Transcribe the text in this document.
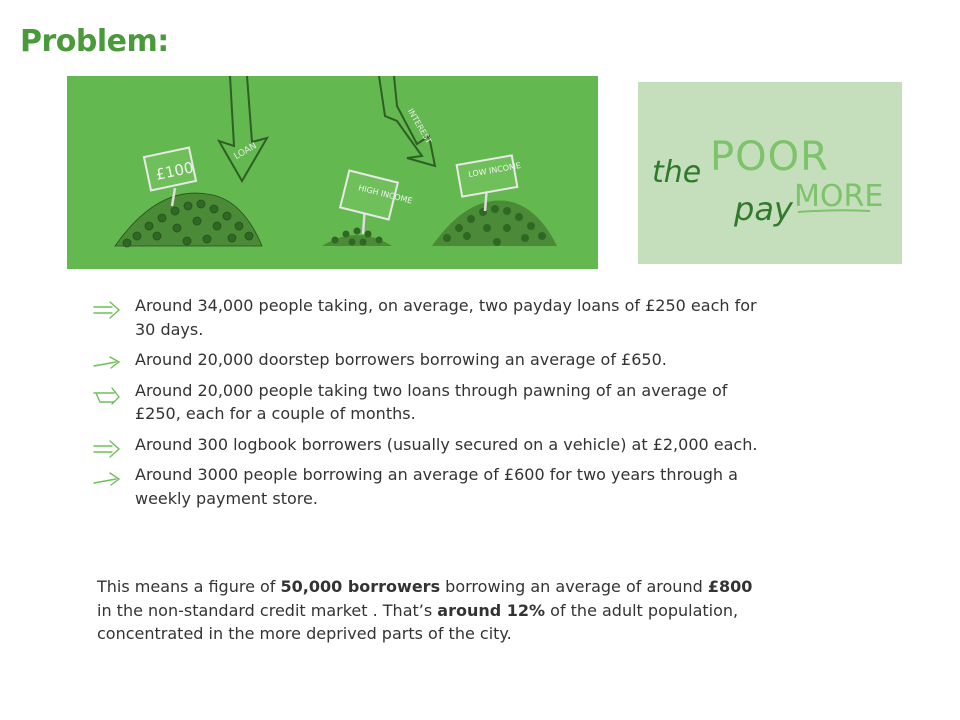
Problem:
£100
LOAN
HIGH INCOME
INTEREST
LOW INCOME	the POOR
pay MORE
Around 34,000 people taking, on average, two payday loans of £250 each for 30 days.
Around 20,000 doorstep borrowers borrowing an average of £650.
Around 20,000 people taking two loans through pawning of an average of £250, each for a couple of months.
Around 300 logbook borrowers (usually secured on a vehicle) at £2,000 each.
Around 3000 people borrowing an average of £600 for two years through a weekly payment store.

This means a figure of 50,000 borrowers borrowing an average of around £800 in the non-standard credit market . That’s around 12% of the adult population, concentrated in the more deprived parts of the city.
